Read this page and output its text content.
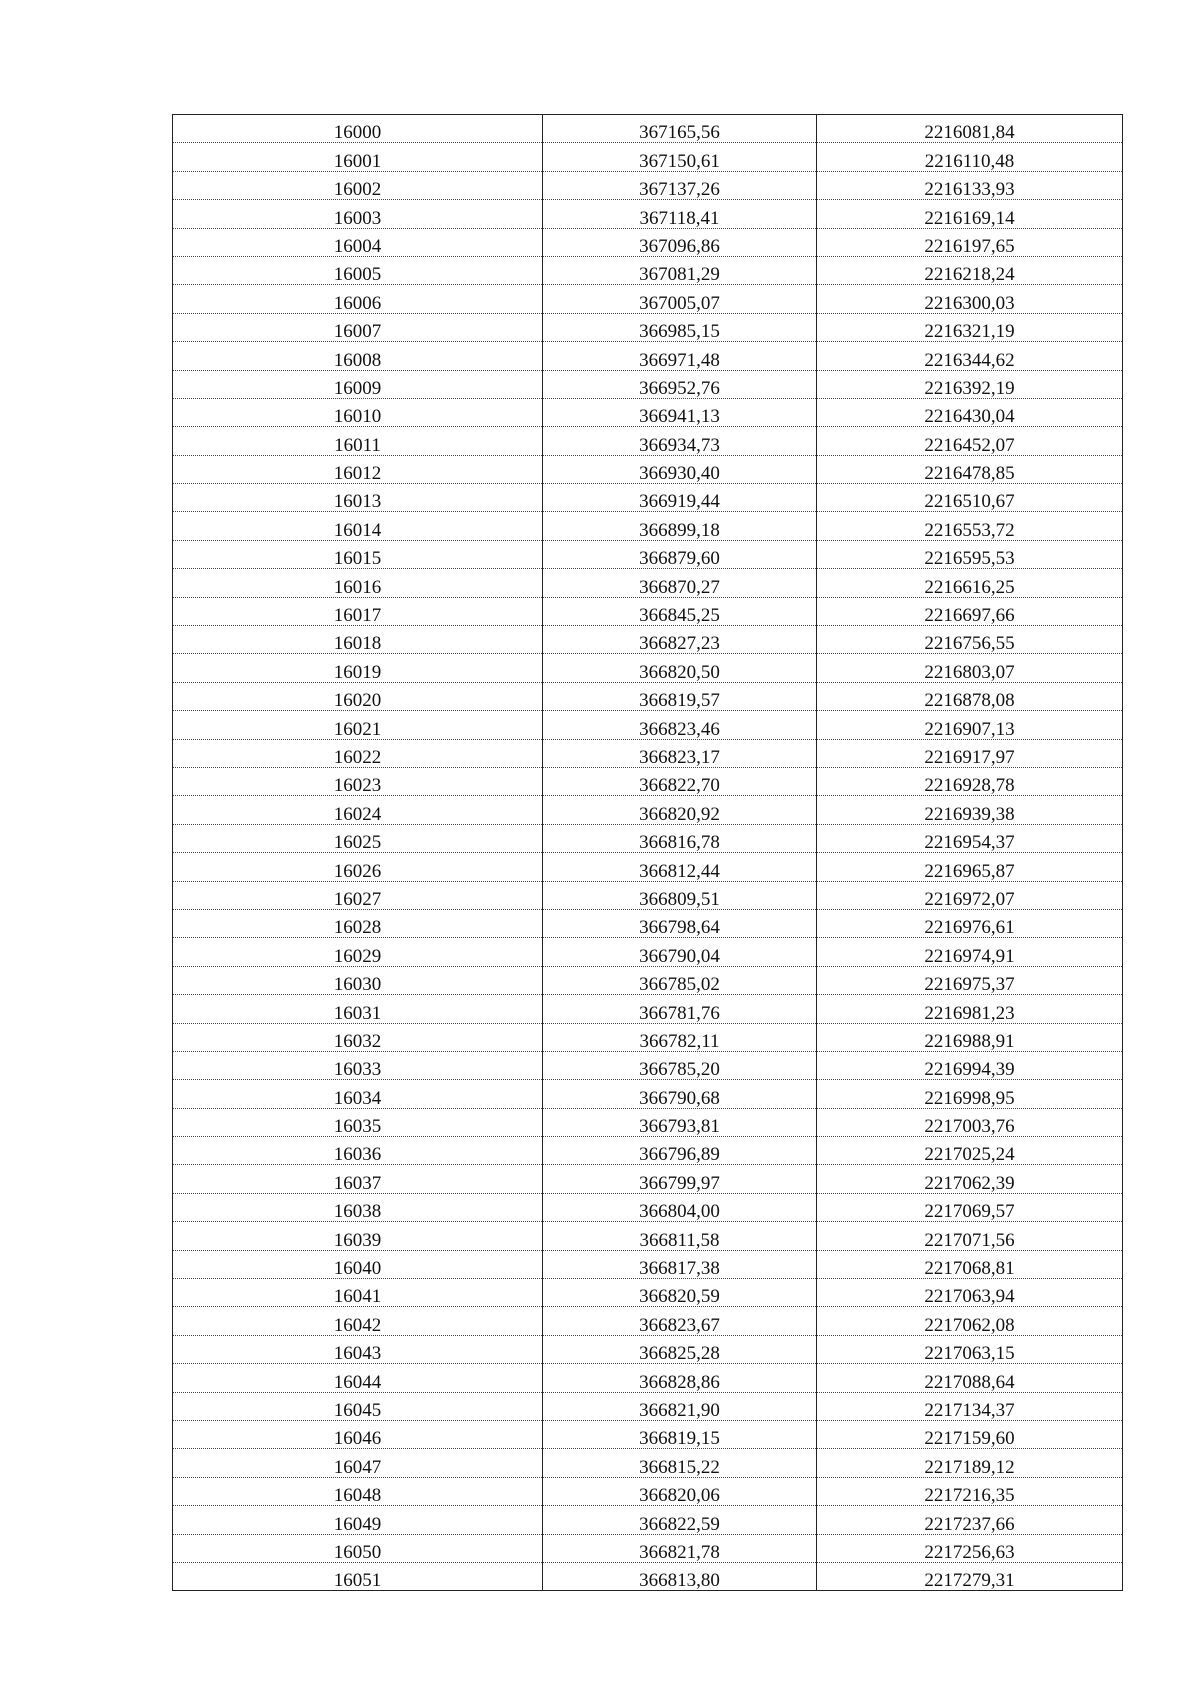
16000	367165,56	2216081,84
16001	367150,61	2216110,48
16002	367137,26	2216133,93
16003	367118,41	2216169,14
16004	367096,86	2216197,65
16005	367081,29	2216218,24
16006	367005,07	2216300,03
16007	366985,15	2216321,19
16008	366971,48	2216344,62
16009	366952,76	2216392,19
16010	366941,13	2216430,04
16011	366934,73	2216452,07
16012	366930,40	2216478,85
16013	366919,44	2216510,67
16014	366899,18	2216553,72
16015	366879,60	2216595,53
16016	366870,27	2216616,25
16017	366845,25	2216697,66
16018	366827,23	2216756,55
16019	366820,50	2216803,07
16020	366819,57	2216878,08
16021	366823,46	2216907,13
16022	366823,17	2216917,97
16023	366822,70	2216928,78
16024	366820,92	2216939,38
16025	366816,78	2216954,37
16026	366812,44	2216965,87
16027	366809,51	2216972,07
16028	366798,64	2216976,61
16029	366790,04	2216974,91
16030	366785,02	2216975,37
16031	366781,76	2216981,23
16032	366782,11	2216988,91
16033	366785,20	2216994,39
16034	366790,68	2216998,95
16035	366793,81	2217003,76
16036	366796,89	2217025,24
16037	366799,97	2217062,39
16038	366804,00	2217069,57
16039	366811,58	2217071,56
16040	366817,38	2217068,81
16041	366820,59	2217063,94
16042	366823,67	2217062,08
16043	366825,28	2217063,15
16044	366828,86	2217088,64
16045	366821,90	2217134,37
16046	366819,15	2217159,60
16047	366815,22	2217189,12
16048	366820,06	2217216,35
16049	366822,59	2217237,66
16050	366821,78	2217256,63
16051	366813,80	2217279,31
